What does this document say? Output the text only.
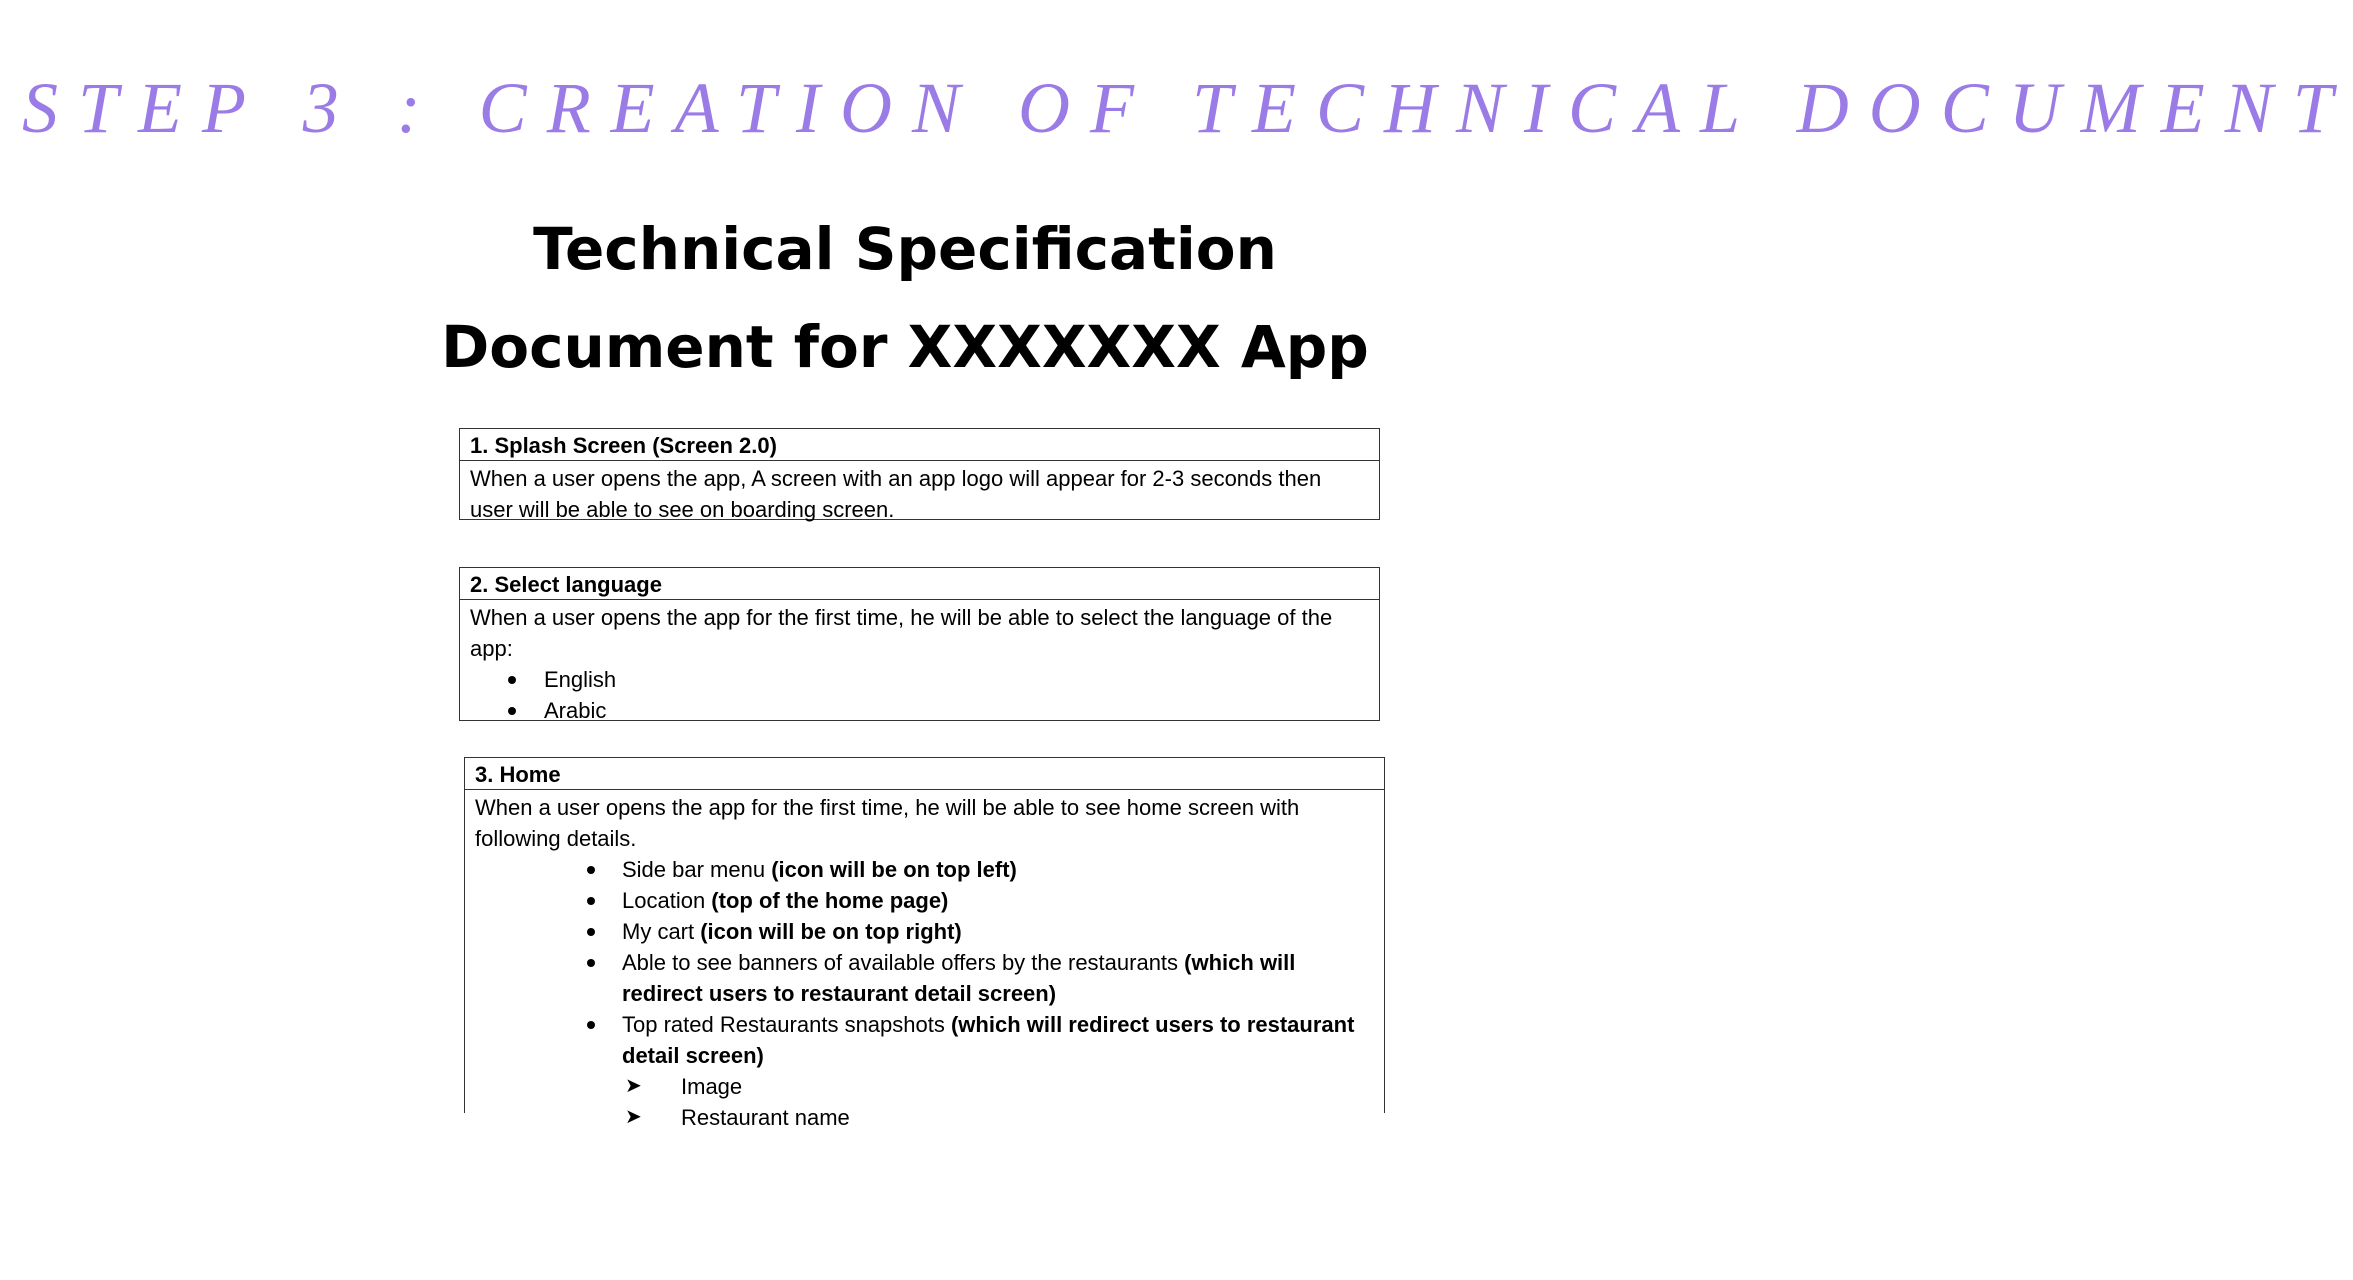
STEP 3 : CREATION OF TECHNICAL DOCUMENT
Technical Specification
Document for XXXXXXX App
1. Splash Screen (Screen 2.0)
When a user opens the app, A screen with an app logo will appear for 2-3 seconds then
user will be able to see on boarding screen.
2. Select language
When a user opens the app for the first time, he will be able to select the language of the
app:
English
Arabic
3. Home
When a user opens the app for the first time, he will be able to see home screen with
following details.
Side bar menu (icon will be on top left)
Location (top of the home page)
My cart (icon will be on top right)
Able to see banners of available offers by the restaurants (which will
redirect users to restaurant detail screen)
Top rated Restaurants snapshots (which will redirect users to restaurant
detail screen)
➤ Image
➤ Restaurant name
